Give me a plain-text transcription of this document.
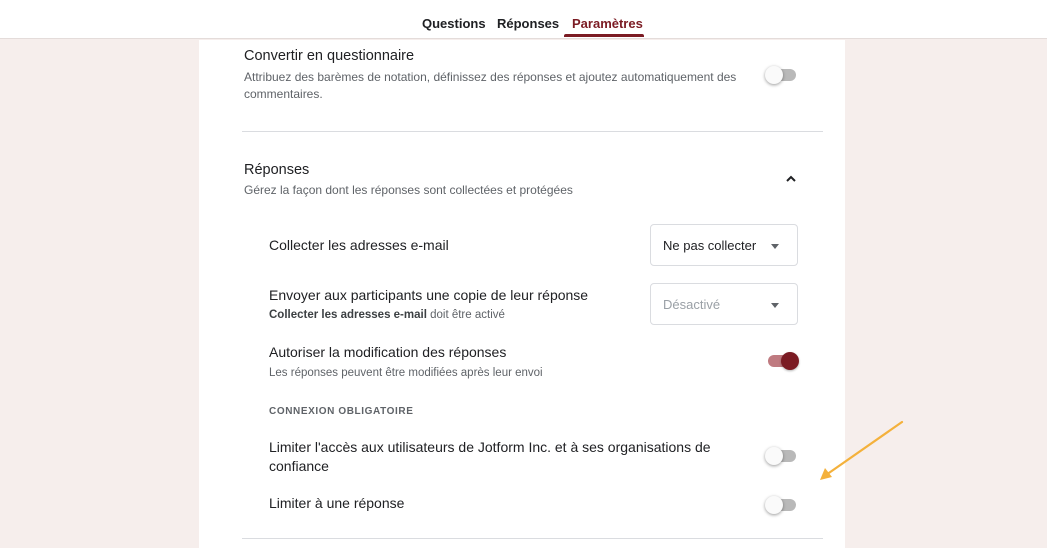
Questions Réponses Paramètres
Convertir en questionnaire
Attribuez des barèmes de notation, définissez des réponses et ajoutez automatiquement des commentaires.
Réponses
Gérez la façon dont les réponses sont collectées et protégées
Collecter les adresses e-mail	Ne pas collecter
Envoyer aux participants une copie de leur réponse
Collecter les adresses e-mail doit être activé
Désactivé
Autoriser la modification des réponses
Les réponses peuvent être modifiées après leur envoi
CONNEXION OBLIGATOIRE
Limiter l'accès aux utilisateurs de Jotform Inc. et à ses organisations de
confiance
Limiter à une réponse
